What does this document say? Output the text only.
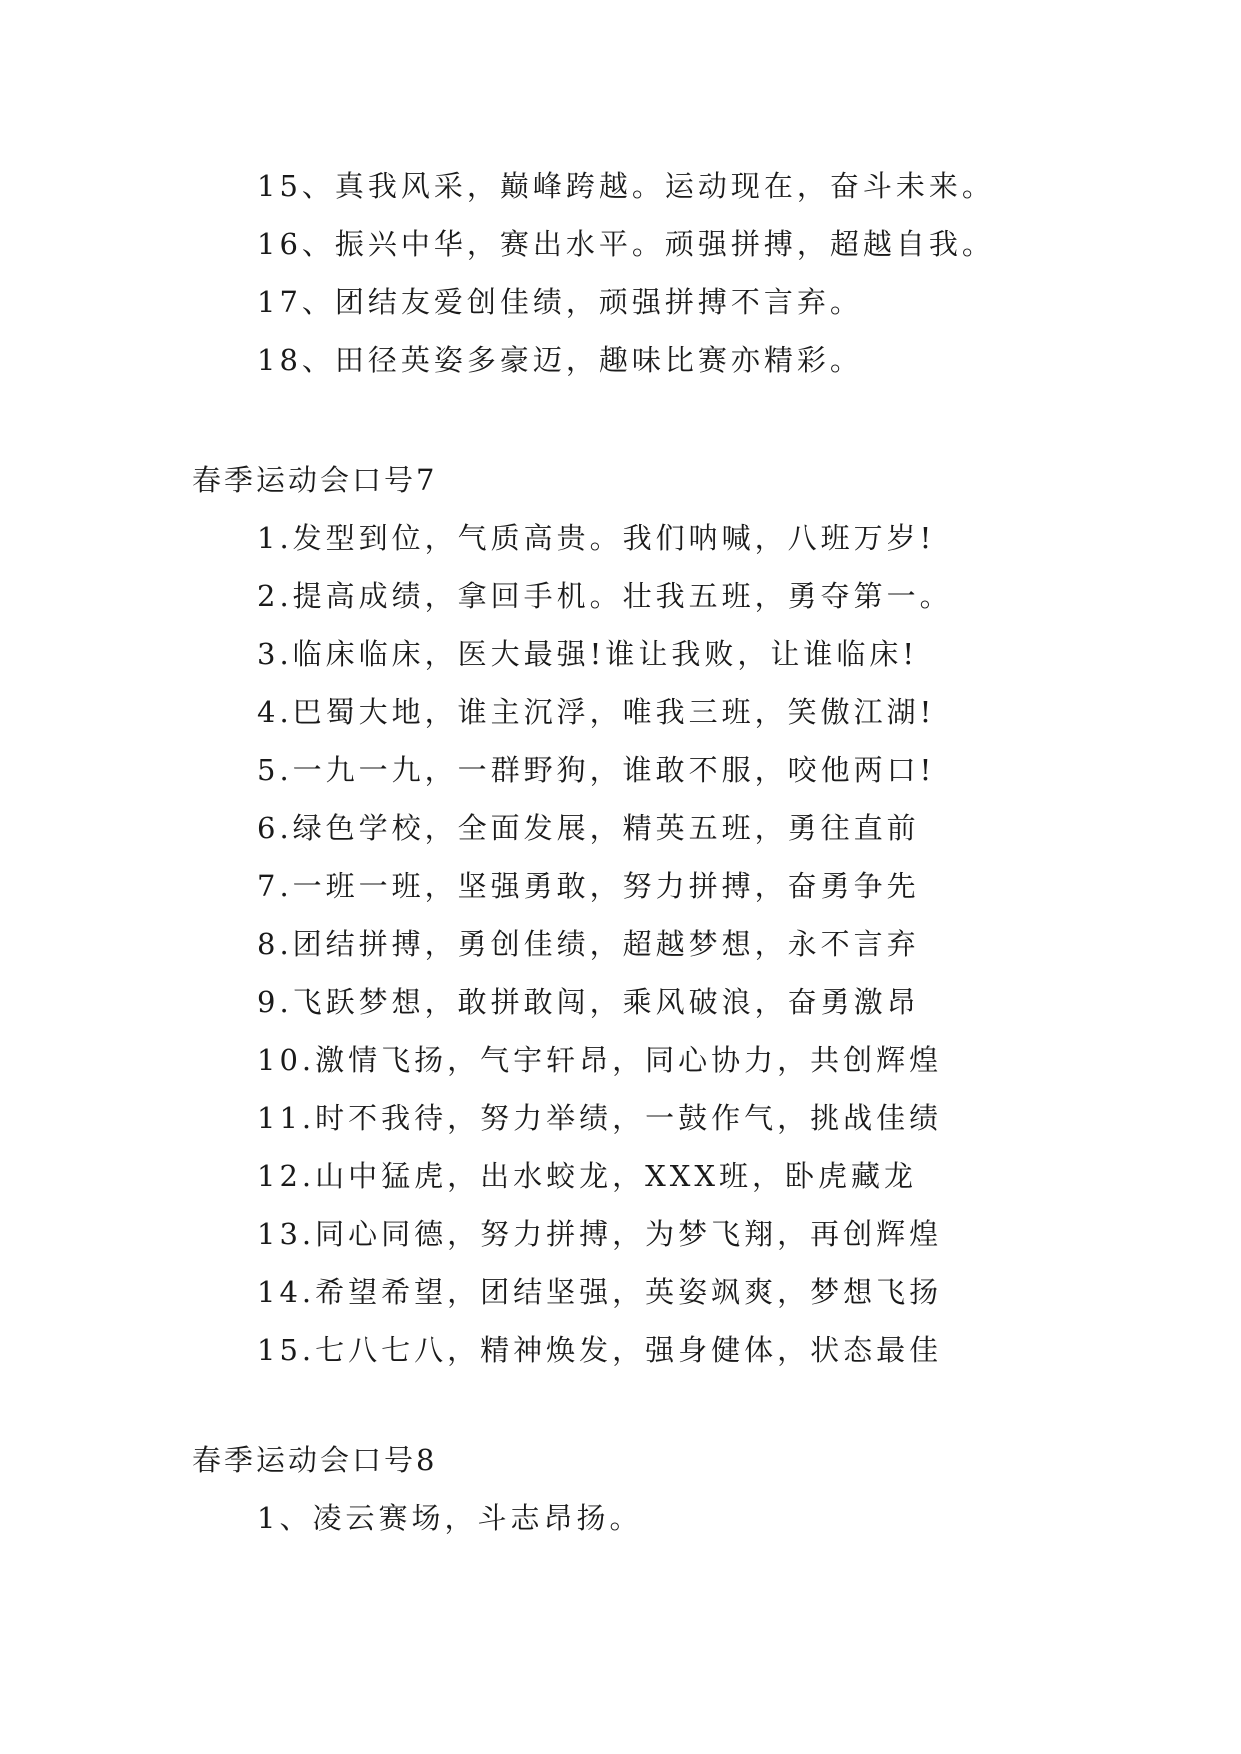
15、真我风采，巅峰跨越。运动现在，奋斗未来。
16、振兴中华，赛出水平。顽强拼搏，超越自我。
17、团结友爱创佳绩，顽强拼搏不言弃。
18、田径英姿多豪迈，趣味比赛亦精彩。
春季运动会口号7
1.发型到位，气质高贵。我们呐喊，八班万岁!
2.提高成绩，拿回手机。壮我五班，勇夺第一。
3.临床临床，医大最强!谁让我败，让谁临床!
4.巴蜀大地，谁主沉浮，唯我三班，笑傲江湖!
5.一九一九，一群野狗，谁敢不服，咬他两口!
6.绿色学校，全面发展，精英五班，勇往直前
7.一班一班，坚强勇敢，努力拼搏，奋勇争先
8.团结拼搏，勇创佳绩，超越梦想，永不言弃
9.飞跃梦想，敢拼敢闯，乘风破浪，奋勇激昂
10.激情飞扬，气宇轩昂，同心协力，共创辉煌
11.时不我待，努力举绩，一鼓作气，挑战佳绩
12.山中猛虎，出水蛟龙，XXX班，卧虎藏龙
13.同心同德，努力拼搏，为梦飞翔，再创辉煌
14.希望希望，团结坚强，英姿飒爽，梦想飞扬
15.七八七八，精神焕发，强身健体，状态最佳
春季运动会口号8
1、凌云赛场，斗志昂扬。
